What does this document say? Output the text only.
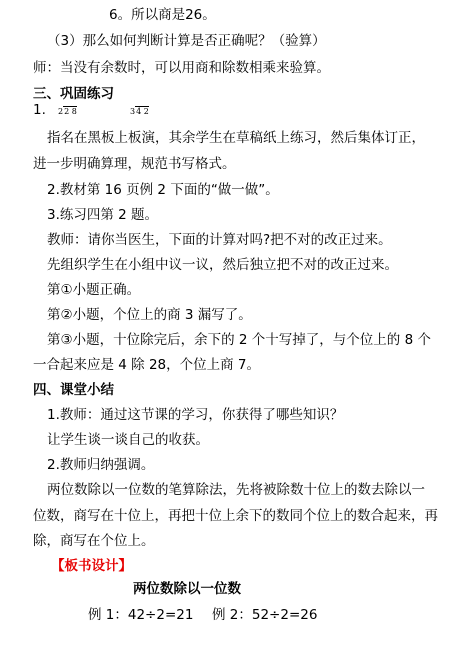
6。所以商是26。
（3）那么如何判断计算是否正确呢？（验算）
师：当没有余数时，可以用商和除数相乘来验算。
三、巩固练习
1. 22 8	34 2
指名在黑板上板演，其余学生在草稿纸上练习，然后集体订正，
进一步明确算理，规范书写格式。
2.教材第 16 页例 2 下面的“做一做”。
3.练习四第 2 题。
教师：请你当医生，下面的计算对吗?把不对的改正过来。
先组织学生在小组中议一议，然后独立把不对的改正过来。
第①小题正确。
第②小题，个位上的商 3 漏写了。
第③小题，十位除完后，余下的 2 个十写掉了，与个位上的 8 个
一合起来应是 4 除 28，个位上商 7。
四、课堂小结
1.教师：通过这节课的学习，你获得了哪些知识？
让学生谈一谈自己的收获。
2.教师归纳强调。
两位数除以一位数的笔算除法，先将被除数十位上的数去除以一
位数，商写在十位上，再把十位上余下的数同个位上的数合起来，再
除，商写在个位上。
【板书设计】
两位数除以一位数
例 1：42÷2=21 例 2：52÷2=26
